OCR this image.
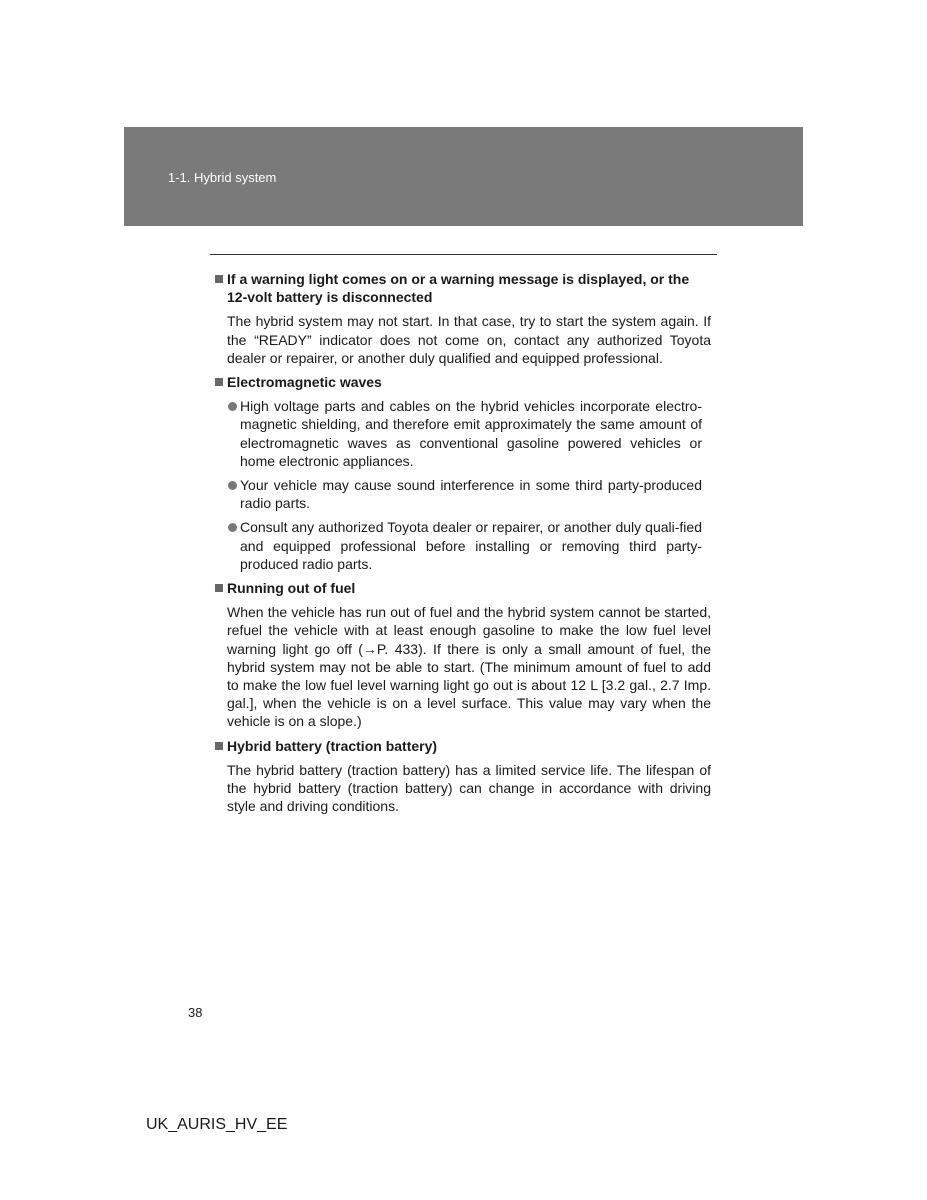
1-1. Hybrid system
If a warning light comes on or a warning message is displayed, or the 12-volt battery is disconnected

The hybrid system may not start. In that case, try to start the system again. If the “READY” indicator does not come on, contact any authorized Toyota dealer or repairer, or another duly qualified and equipped professional.

Electromagnetic waves
High voltage parts and cables on the hybrid vehicles incorporate electro-magnetic shielding, and therefore emit approximately the same amount of electromagnetic waves as conventional gasoline powered vehicles or home electronic appliances.
Your vehicle may cause sound interference in some third party-produced radio parts.
Consult any authorized Toyota dealer or repairer, or another duly quali-fied and equipped professional before installing or removing third party-produced radio parts.
Running out of fuel

When the vehicle has run out of fuel and the hybrid system cannot be started, refuel the vehicle with at least enough gasoline to make the low fuel level warning light go off (→P. 433). If there is only a small amount of fuel, the hybrid system may not be able to start. (The minimum amount of fuel to add to make the low fuel level warning light go out is about 12 L [3.2 gal., 2.7 Imp. gal.], when the vehicle is on a level surface. This value may vary when the vehicle is on a slope.)

Hybrid battery (traction battery)

The hybrid battery (traction battery) has a limited service life. The lifespan of the hybrid battery (traction battery) can change in accordance with driving style and driving conditions.

38
UK_AURIS_HV_EE
